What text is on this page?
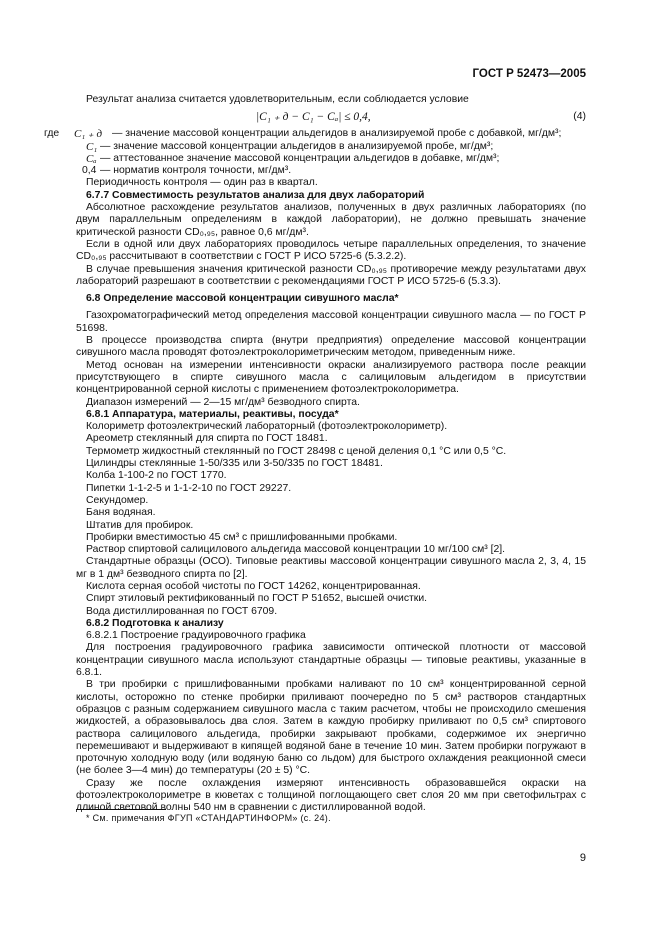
ГОСТ Р 52473—2005

Результат анализа считается удовлетворительным, если соблюдается условие

|C₁ ₊ д − C₁ − Cₐ| ≤ 0,4,	(4)
где C₁ ₊ д — значение массовой концентрации альдегидов в анализируемой пробе с добавкой, мг/дм³;
C₁ — значение массовой концентрации альдегидов в анализируемой пробе, мг/дм³;
Cₐ — аттестованное значение массовой концентрации альдегидов в добавке, мг/дм³;
0,4 — норматив контроля точности, мг/дм³.

Периодичность контроля — один раз в квартал.

6.7.7 Совместимость результатов анализа для двух лабораторий

Абсолютное расхождение результатов анализов, полученных в двух различных лабораториях (по двум параллельным определениям в каждой лаборатории), не должно превышать значение критической разности CD₀,₉₅, равное 0,6 мг/дм³.

Если в одной или двух лабораториях проводилось четыре параллельных определения, то значение CD₀,₉₅ рассчитывают в соответствии с ГОСТ Р ИСО 5725-6 (5.3.2.2).

В случае превышения значения критической разности CD₀,₉₅ противоречие между результатами двух лабораторий разрешают в соответствии с рекомендациями ГОСТ Р ИСО 5725-6 (5.3.3).

6.8 Определение массовой концентрации сивушного масла*

Газохроматографический метод определения массовой концентрации сивушного масла — по ГОСТ Р 51698.

В процессе производства спирта (внутри предприятия) определение массовой концентрации сивушного масла проводят фотоэлектроколориметрическим методом, приведенным ниже.

Метод основан на измерении интенсивности окраски анализируемого раствора после реакции присутствующего в спирте сивушного масла с салициловым альдегидом в присутствии концентрированной серной кислоты с применением фотоэлектроколориметра.

Диапазон измерений — 2—15 мг/дм³ безводного спирта.

6.8.1 Аппаратура, материалы, реактивы, посуда*

Колориметр фотоэлектрический лабораторный (фотоэлектроколориметр).

Ареометр стеклянный для спирта по ГОСТ 18481.

Термометр жидкостный стеклянный по ГОСТ 28498 с ценой деления 0,1 °С или 0,5 °С.

Цилиндры стеклянные 1-50/335 или 3-50/335 по ГОСТ 18481.

Колба 1-100-2 по ГОСТ 1770.

Пипетки 1-1-2-5 и 1-1-2-10 по ГОСТ 29227.

Секундомер.

Баня водяная.

Штатив для пробирок.

Пробирки вместимостью 45 см³ с пришлифованными пробками.

Раствор спиртовой салицилового альдегида массовой концентрации 10 мг/100 см³ [2].

Стандартные образцы (ОСО). Типовые реактивы массовой концентрации сивушного масла 2, 3, 4, 15 мг в 1 дм³ безводного спирта по [2].

Кислота серная особой чистоты по ГОСТ 14262, концентрированная.

Спирт этиловый ректификованный по ГОСТ Р 51652, высшей очистки.

Вода дистиллированная по ГОСТ 6709.

6.8.2 Подготовка к анализу

6.8.2.1 Построение градуировочного графика

Для построения градуировочного графика зависимости оптической плотности от массовой концентрации сивушного масла используют стандартные образцы — типовые реактивы, указанные в 6.8.1.

В три пробирки с пришлифованными пробками наливают по 10 см³ концентрированной серной кислоты, осторожно по стенке пробирки приливают поочередно по 5 см³ растворов стандартных образцов с разным содержанием сивушного масла с таким расчетом, чтобы не происходило смешения жидкостей, а образовывалось два слоя. Затем в каждую пробирку приливают по 0,5 см³ спиртового раствора салицилового альдегида, пробирки закрывают пробками, содержимое их энергично перемешивают и выдерживают в кипящей водяной бане в течение 10 мин. Затем пробирки погружают в проточную холодную воду (или водяную баню со льдом) для быстрого охлаждения реакционной смеси (не более 3—4 мин) до температуры (20 ± 5) °С.

Сразу же после охлаждения измеряют интенсивность образовавшейся окраски на фотоэлектроколориметре в кюветах с толщиной поглощающего свет слоя 20 мм при светофильтрах с длиной световой волны 540 нм в сравнении с дистиллированной водой.

* См. примечания ФГУП «СТАНДАРТИНФОРМ» (с. 24).
9
